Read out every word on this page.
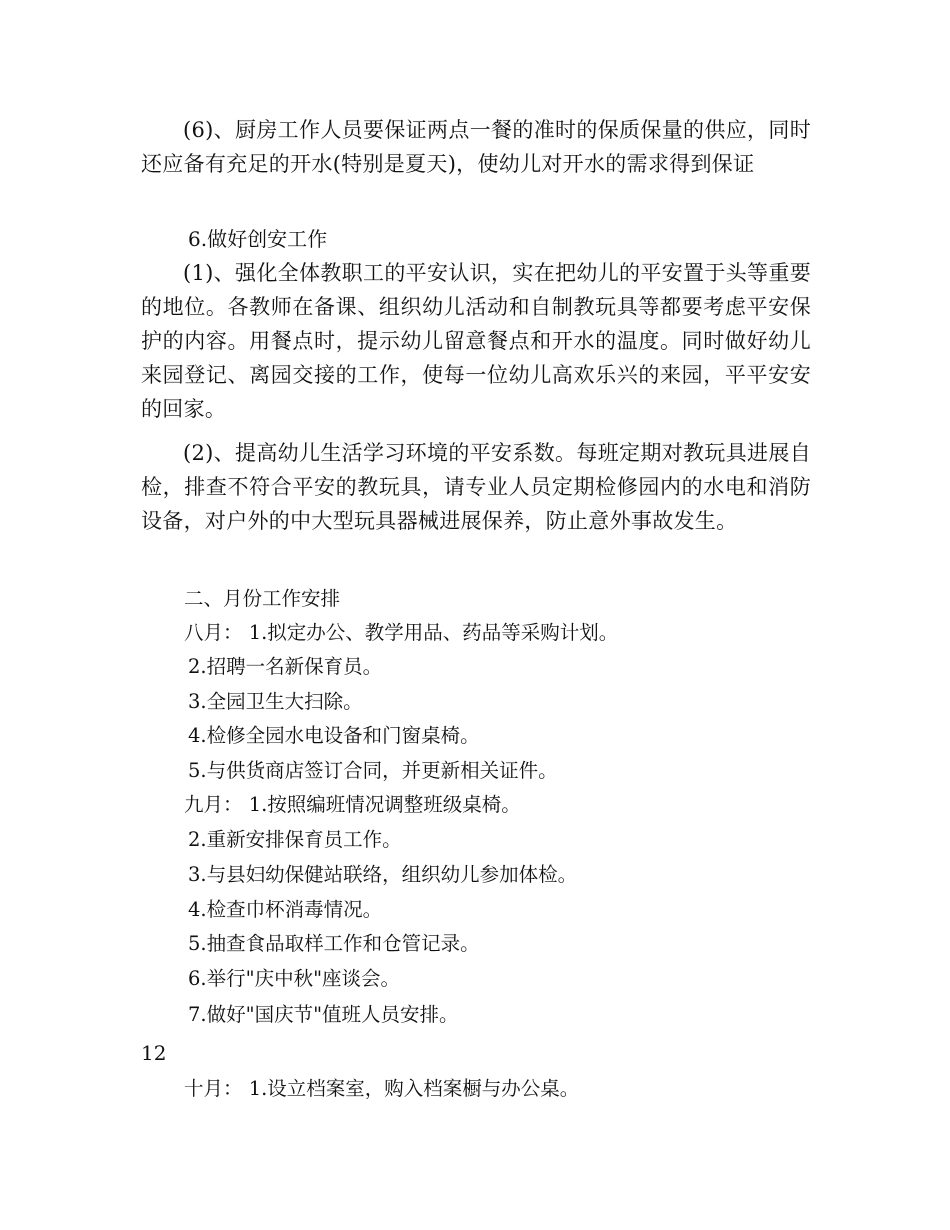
(6)、厨房工作人员要保证两点一餐的准时的保质保量的供应，同时还应备有充足的开水(特别是夏天)，使幼儿对开水的需求得到保证

6.做好创安工作

(1)、强化全体教职工的平安认识，实在把幼儿的平安置于头等重要的地位。各教师在备课、组织幼儿活动和自制教玩具等都要考虑平安保护的内容。用餐点时，提示幼儿留意餐点和开水的温度。同时做好幼儿来园登记、离园交接的工作，使每一位幼儿高欢乐兴的来园，平平安安的回家。

(2)、提高幼儿生活学习环境的平安系数。每班定期对教玩具进展自检，排查不符合平安的教玩具，请专业人员定期检修园内的水电和消防设备，对户外的中大型玩具器械进展保养，防止意外事故发生。

二、月份工作安排

八月： 1.拟定办公、教学用品、药品等采购计划。

2.招聘一名新保育员。

3.全园卫生大扫除。

4.检修全园水电设备和门窗桌椅。

5.与供货商店签订合同，并更新相关证件。

九月： 1.按照编班情况调整班级桌椅。

2.重新安排保育员工作。

3.与县妇幼保健站联络，组织幼儿参加体检。

4.检查巾杯消毒情况。

5.抽查食品取样工作和仓管记录。

6.举行"庆中秋"座谈会。

7.做好"国庆节"值班人员安排。

12

十月： 1.设立档案室，购入档案橱与办公桌。
